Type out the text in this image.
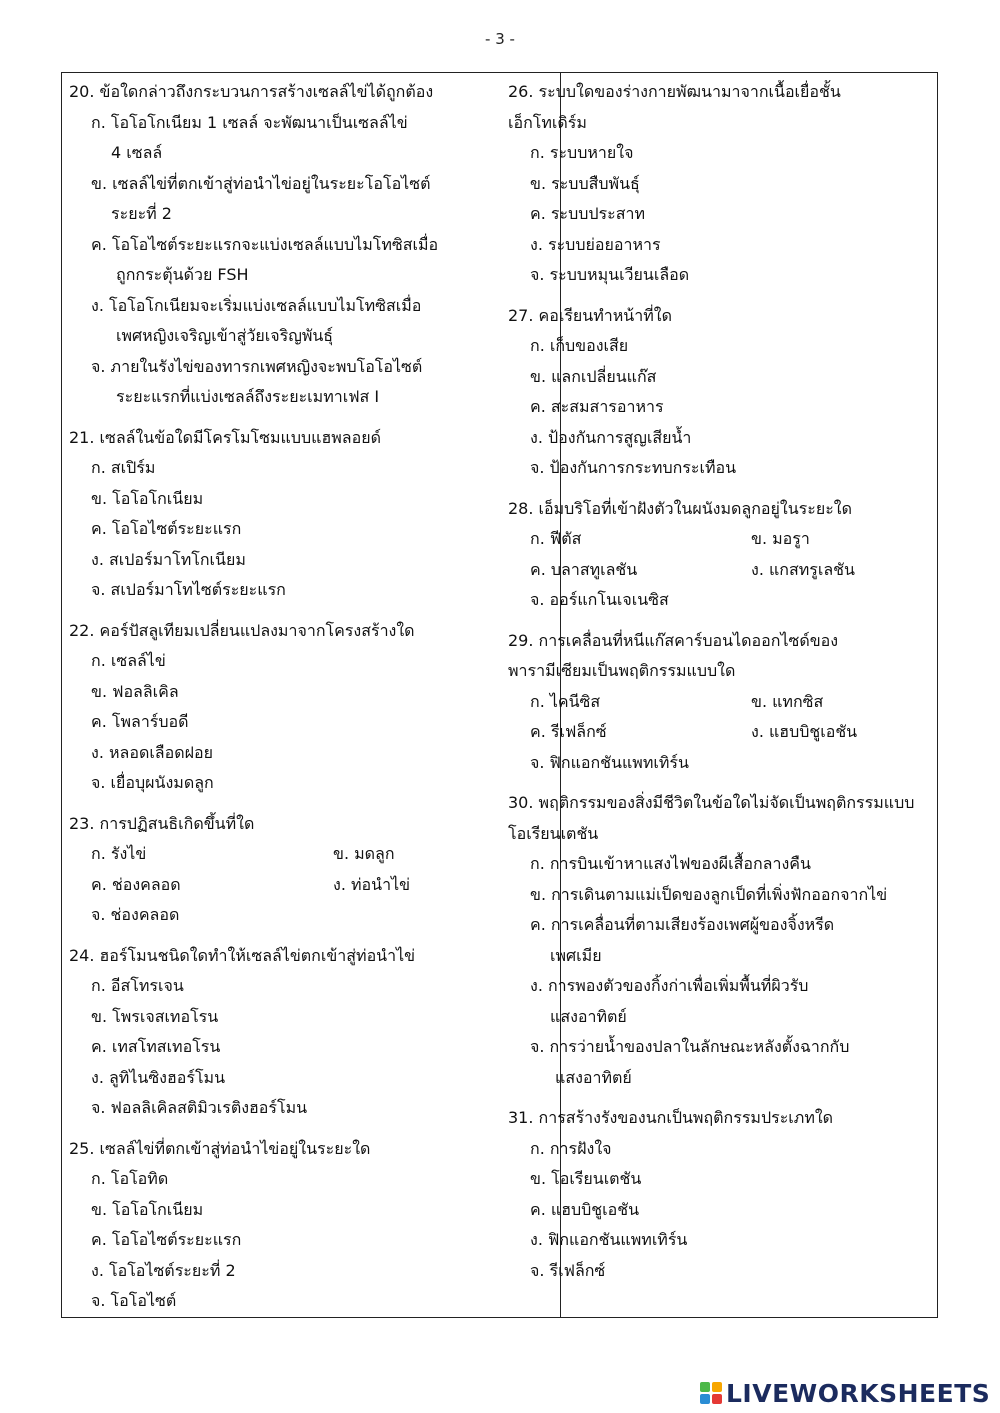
- 3 -
20. ข้อใดกล่าวถึงกระบวนการสร้างเซลล์ไข่ได้ถูกต้อง
ก. โอโอโกเนียม 1 เซลล์ จะพัฒนาเป็นเซลล์ไข่
4 เซลล์
ข. เซลล์ไข่ที่ตกเข้าสู่ท่อนำไข่อยู่ในระยะโอโอไซต์
ระยะที่ 2
ค. โอโอไซต์ระยะแรกจะแบ่งเซลล์แบบไมโทซิสเมื่อ
ถูกกระตุ้นด้วย FSH
ง. โอโอโกเนียมจะเริ่มแบ่งเซลล์แบบไมโทซิสเมื่อ
เพศหญิงเจริญเข้าสู่วัยเจริญพันธุ์
จ. ภายในรังไข่ของทารกเพศหญิงจะพบโอโอไซต์
ระยะแรกที่แบ่งเซลล์ถึงระยะเมทาเฟส I
21. เซลล์ในข้อใดมีโครโมโซมแบบแฮพลอยด์
ก. สเปิร์ม
ข. โอโอโกเนียม
ค. โอโอไซต์ระยะแรก
ง. สเปอร์มาโทโกเนียม
จ. สเปอร์มาโทไซต์ระยะแรก
22. คอร์ปัสลูเทียมเปลี่ยนแปลงมาจากโครงสร้างใด
ก. เซลล์ไข่
ข. ฟอลลิเคิล
ค. โพลาร์บอดี
ง. หลอดเลือดฝอย
จ. เยื่อบุผนังมดลูก
23. การปฏิสนธิเกิดขึ้นที่ใด
ก. รังไข่	ข. มดลูก
ค. ช่องคลอด	ง. ท่อนำไข่
จ. ช่องคลอด
24. ฮอร์โมนชนิดใดทำให้เซลล์ไข่ตกเข้าสู่ท่อนำไข่
ก. อีสโทรเจน
ข. โพรเจสเทอโรน
ค. เทสโทสเทอโรน
ง. ลูทิไนซิงฮอร์โมน
จ. ฟอลลิเคิลสติมิวเรติงฮอร์โมน
25. เซลล์ไข่ที่ตกเข้าสู่ท่อนำไข่อยู่ในระยะใด
ก. โอโอทิด
ข. โอโอโกเนียม
ค. โอโอไซต์ระยะแรก
ง. โอโอไซต์ระยะที่ 2
จ. โอโอไซต์
26. ระบบใดของร่างกายพัฒนามาจากเนื้อเยื่อชั้น
เอ็กโทเดิร์ม
ก. ระบบหายใจ
ข. ระบบสืบพันธุ์
ค. ระบบประสาท
ง. ระบบย่อยอาหาร
จ. ระบบหมุนเวียนเลือด
27. คอเรียนทำหน้าที่ใด
ก. เก็บของเสีย
ข. แลกเปลี่ยนแก๊ส
ค. สะสมสารอาหาร
ง. ป้องกันการสูญเสียน้ำ
จ. ป้องกันการกระทบกระเทือน
28. เอ็มบริโอที่เข้าฝังตัวในผนังมดลูกอยู่ในระยะใด
ก. ฟีตัส	ข. มอรูา
ค. บลาสทูเลชัน	ง. แกสทรูเลชัน
จ. ออร์แกโนเจเนซิส
29. การเคลื่อนที่หนีแก๊สคาร์บอนไดออกไซด์ของ
พารามีเซียมเป็นพฤติกรรมแบบใด
ก. ไคนีซิส	ข. แทกซิส
ค. รีเฟล็กซ์	ง. แฮบบิชูเอชัน
จ. ฟิกแอกชันแพทเทิร์น
30. พฤติกรรมของสิ่งมีชีวิตในข้อใดไม่จัดเป็นพฤติกรรมแบบ
โอเรียนเตชัน
ก. การบินเข้าหาแสงไฟของผีเสื้อกลางคืน
ข. การเดินตามแม่เป็ดของลูกเป็ดที่เพิ่งฟักออกจากไข่
ค. การเคลื่อนที่ตามเสียงร้องเพศผู้ของจิ้งหรีด
เพศเมีย
ง. การพองตัวของกิ้งก่าเพื่อเพิ่มพื้นที่ผิวรับ
แสงอาทิตย์
จ. การว่ายน้ำของปลาในลักษณะหลังตั้งฉากกับ
แสงอาทิตย์
31. การสร้างรังของนกเป็นพฤติกรรมประเภทใด
ก. การฝังใจ
ข. โอเรียนเตชัน
ค. แฮบบิชูเอชัน
ง. ฟิกแอกชันแพทเทิร์น
จ. รีเฟล็กซ์
LIVEWORKSHEETS
